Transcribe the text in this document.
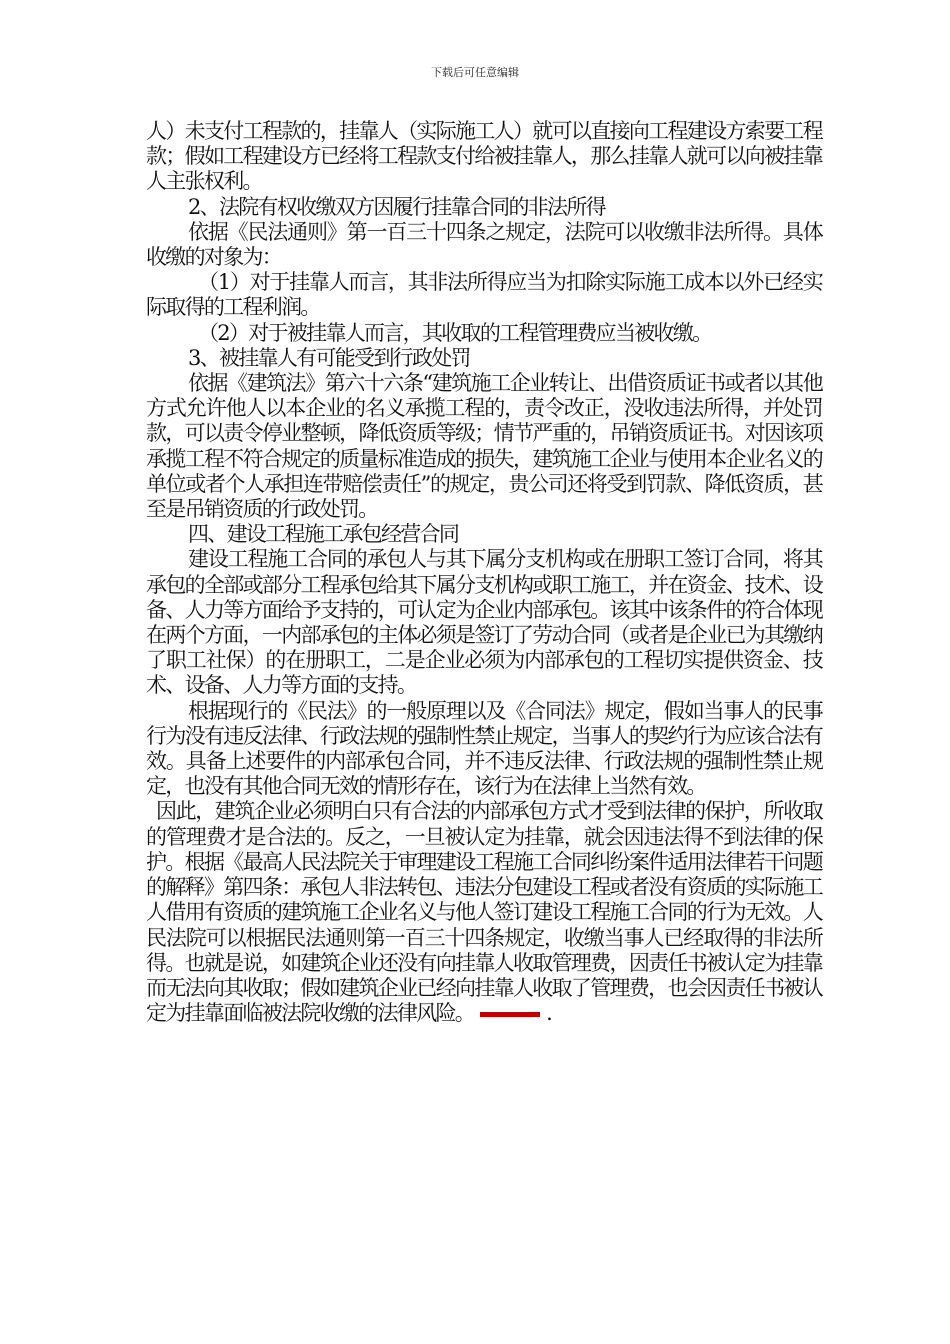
下载后可任意编辑

人）未支付工程款的，挂靠人（实际施工人）就可以直接向工程建设方索要工程款；假如工程建设方已经将工程款支付给被挂靠人，那么挂靠人就可以向被挂靠人主张权利。

2、法院有权收缴双方因履行挂靠合同的非法所得

依据《民法通则》第一百三十四条之规定，法院可以收缴非法所得。具体收缴的对象为：

（1）对于挂靠人而言，其非法所得应当为扣除实际施工成本以外已经实际取得的工程利润。

（2）对于被挂靠人而言，其收取的工程管理费应当被收缴。

3、被挂靠人有可能受到行政处罚

依据《建筑法》第六十六条“建筑施工企业转让、出借资质证书或者以其他方式允许他人以本企业的名义承揽工程的，责令改正，没收违法所得，并处罚款，可以责令停业整顿，降低资质等级；情节严重的，吊销资质证书。对因该项承揽工程不符合规定的质量标准造成的损失，建筑施工企业与使用本企业名义的单位或者个人承担连带赔偿责任”的规定，贵公司还将受到罚款、降低资质，甚至是吊销资质的行政处罚。

四、建设工程施工承包经营合同

建设工程施工合同的承包人与其下属分支机构或在册职工签订合同，将其承包的全部或部分工程承包给其下属分支机构或职工施工，并在资金、技术、设备、人力等方面给予支持的，可认定为企业内部承包。该其中该条件的符合体现在两个方面，一内部承包的主体必须是签订了劳动合同（或者是企业已为其缴纳了职工社保）的在册职工，二是企业必须为内部承包的工程切实提供资金、技术、设备、人力等方面的支持。

根据现行的《民法》的一般原理以及《合同法》规定，假如当事人的民事行为没有违反法律、行政法规的强制性禁止规定，当事人的契约行为应该合法有效。具备上述要件的内部承包合同，并不违反法律、行政法规的强制性禁止规定，也没有其他合同无效的情形存在，该行为在法律上当然有效。

因此，建筑企业必须明白只有合法的内部承包方式才受到法律的保护，所收取的管理费才是合法的。反之，一旦被认定为挂靠，就会因违法得不到法律的保护。根据《最高人民法院关于审理建设工程施工合同纠纷案件适用法律若干问题的解释》第四条：承包人非法转包、违法分包建设工程或者没有资质的实际施工人借用有资质的建筑施工企业名义与他人签订建设工程施工合同的行为无效。人民法院可以根据民法通则第一百三十四条规定，收缴当事人已经取得的非法所得。也就是说，如建筑企业还没有向挂靠人收取管理费，因责任书被认定为挂靠而无法向其收取；假如建筑企业已经向挂靠人收取了管理费，也会因责任书被认定为挂靠面临被法院收缴的法律风险。	.
